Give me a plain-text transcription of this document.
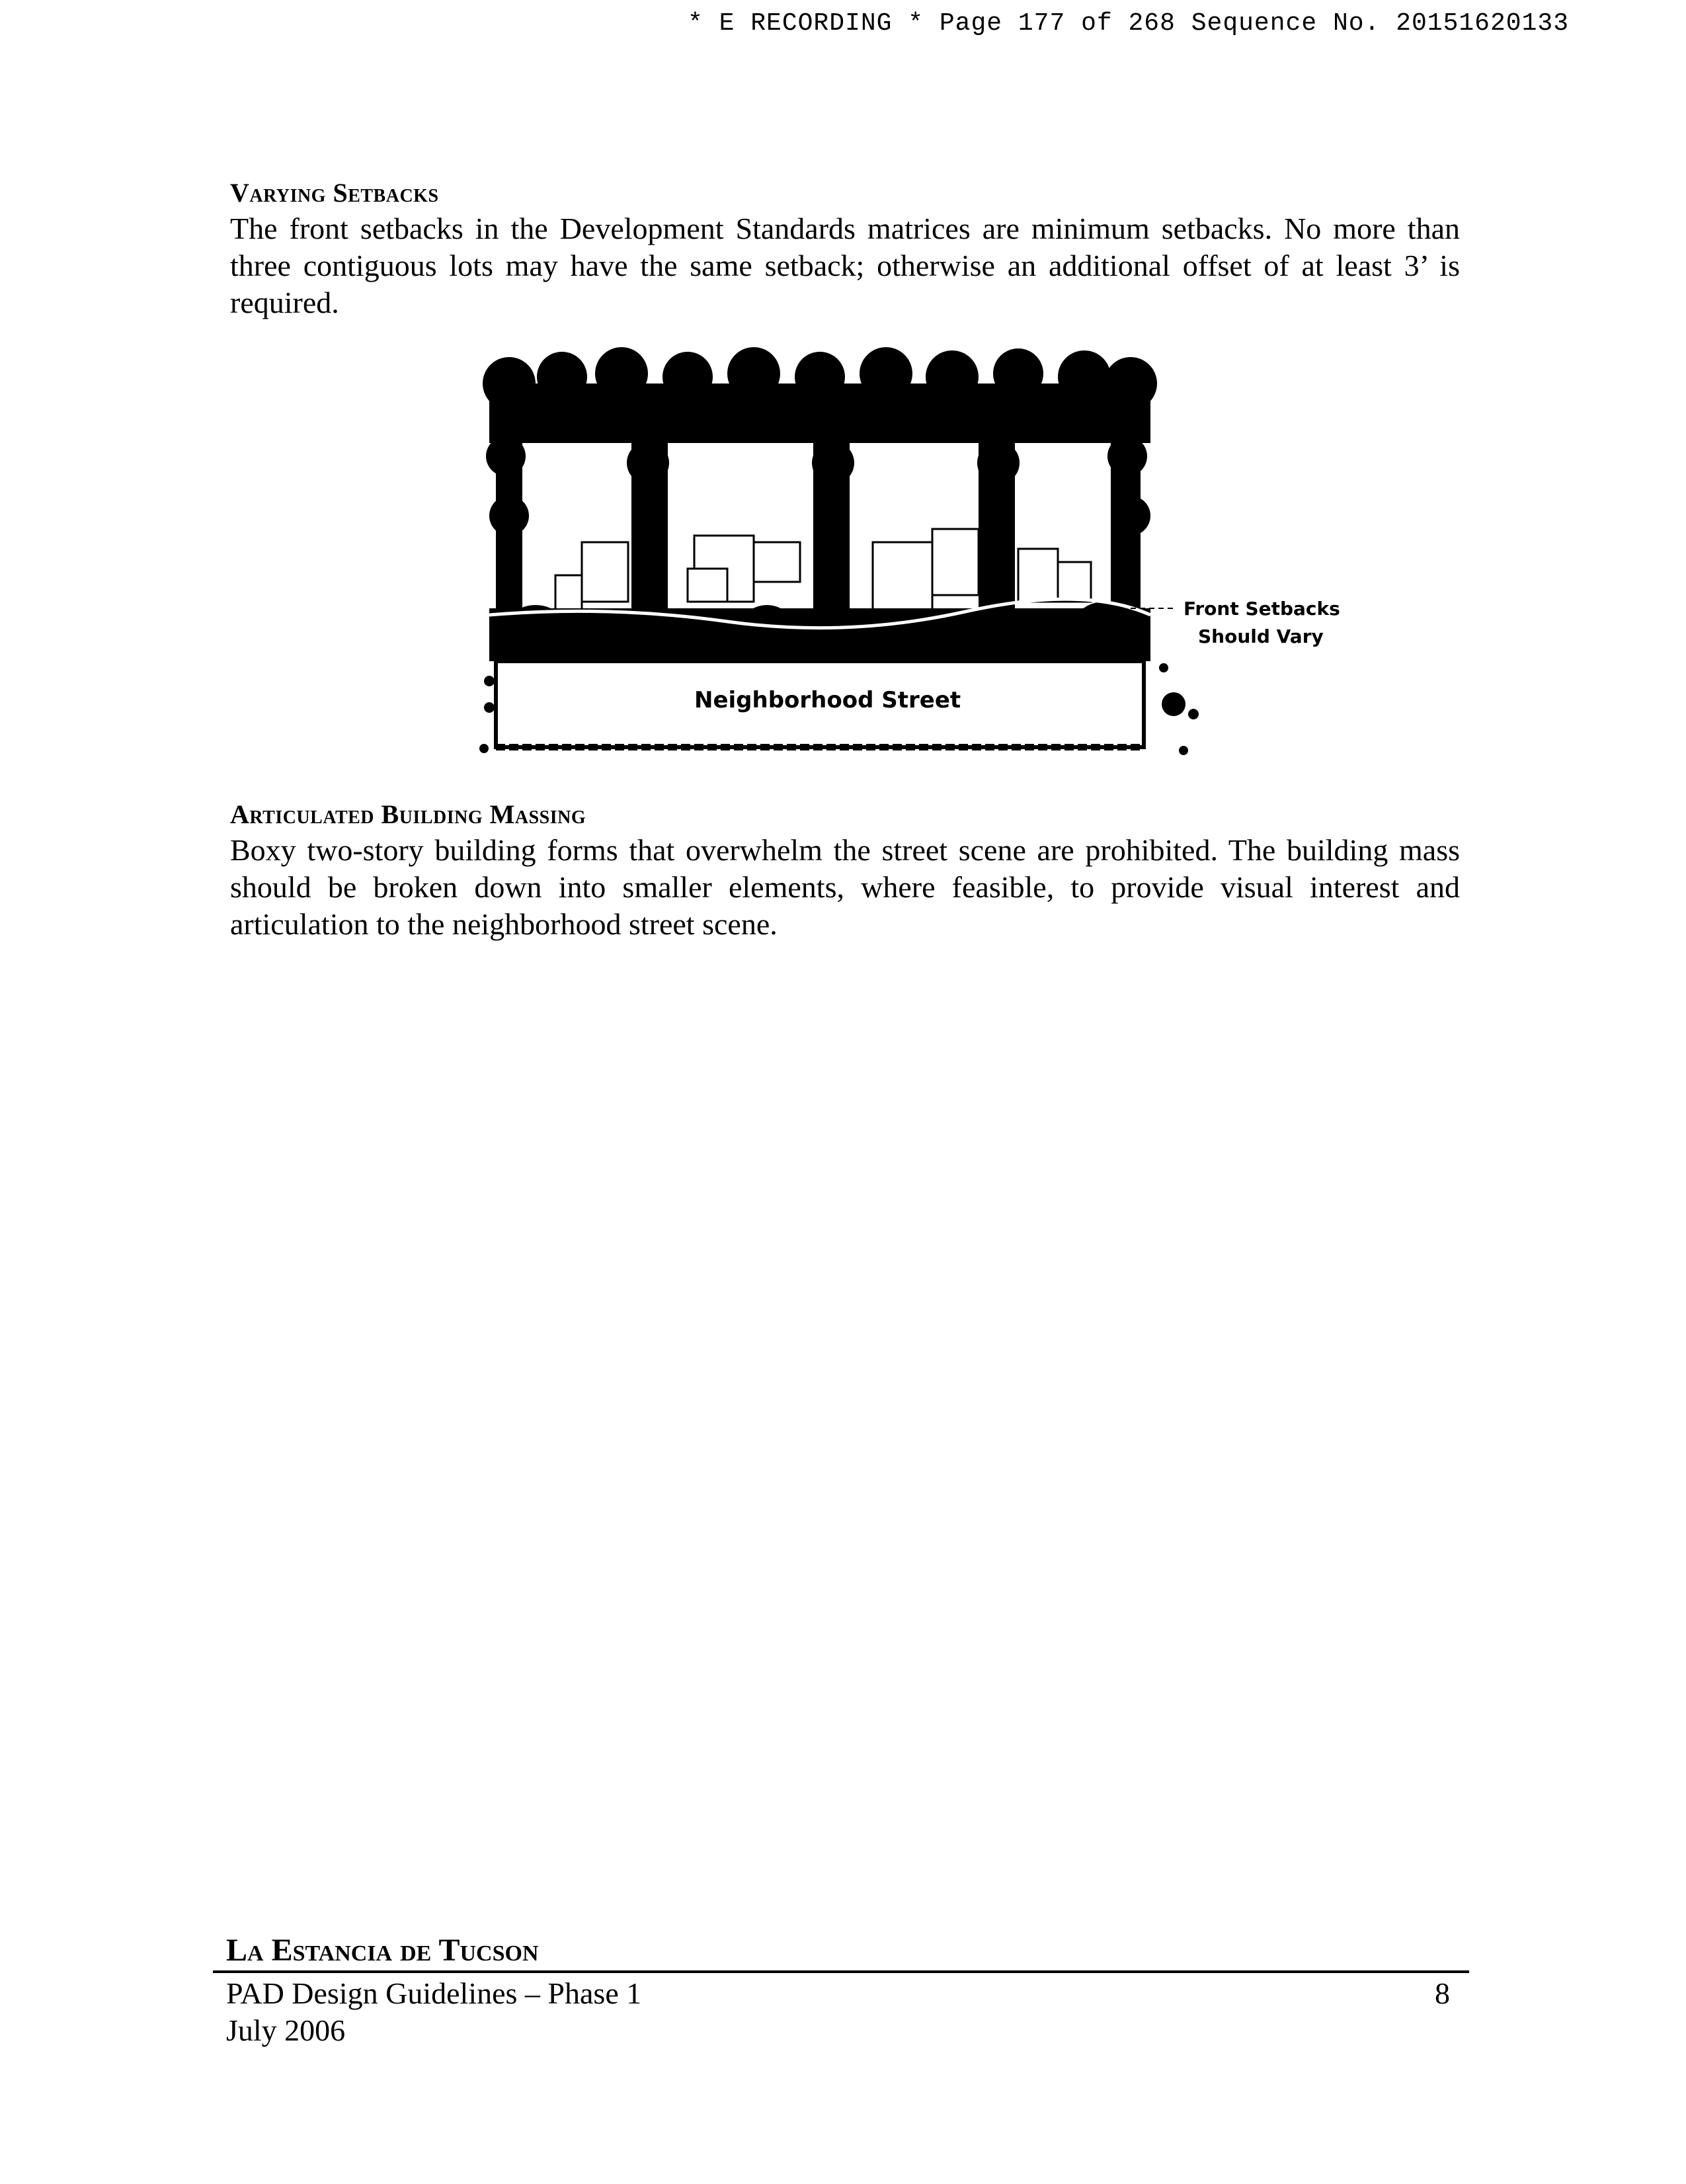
* E RECORDING * Page 177 of 268 Sequence No. 20151620133
Varying Setbacks
The front setbacks in the Development Standards matrices are minimum setbacks. No more than three contiguous lots may have the same setback; otherwise an additional offset of at least 3’ is required.
Neighborhood Street
Front Setbacks
Should Vary
Articulated Building Massing
Boxy two-story building forms that overwhelm the street scene are prohibited. The building mass should be broken down into smaller elements, where feasible, to provide visual interest and articulation to the neighborhood street scene.
La Estancia de Tucson
PAD Design Guidelines – Phase 1
July 2006
8
